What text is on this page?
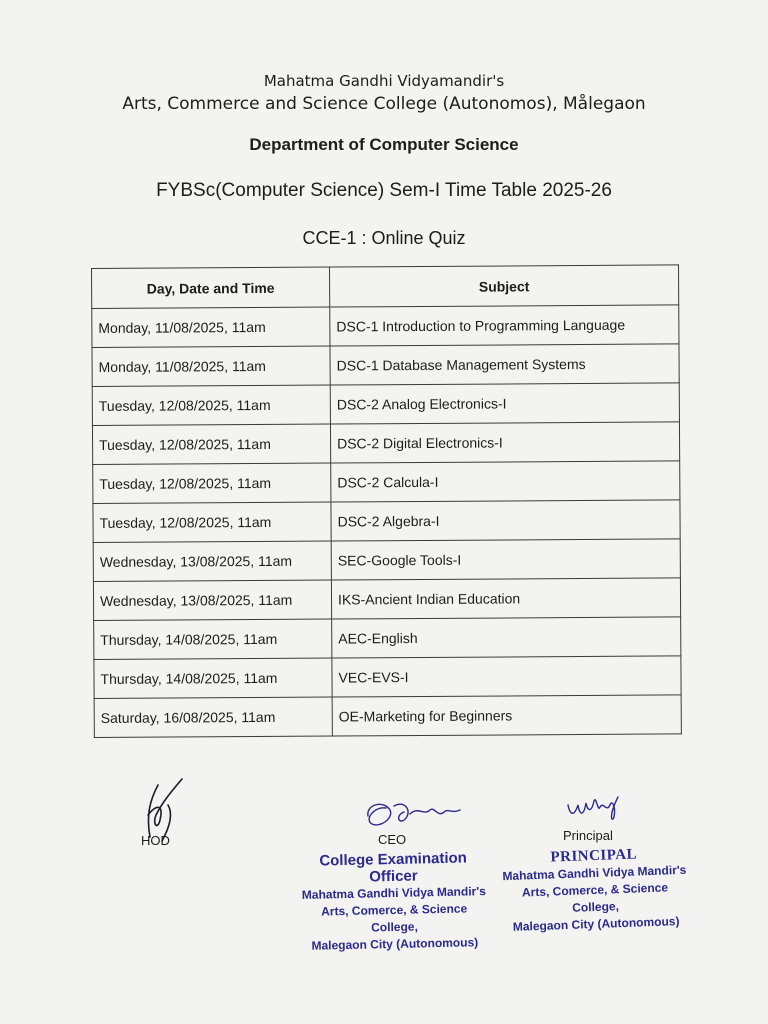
Mahatma Gandhi Vidyamandir's
Arts, Commerce and Science College (Autonomos), Målegaon
Department of Computer Science
FYBSc(Computer Science) Sem-I Time Table 2025-26
CCE-1 : Online Quiz
Day, Date and Time	Subject
Monday, 11/08/2025, 11am	DSC-1 Introduction to Programming Language
Monday, 11/08/2025, 11am	DSC-1 Database Management Systems
Tuesday, 12/08/2025, 11am	DSC-2 Analog Electronics-I
Tuesday, 12/08/2025, 11am	DSC-2 Digital Electronics-I
Tuesday, 12/08/2025, 11am	DSC-2 Calcula-I
Tuesday, 12/08/2025, 11am	DSC-2 Algebra-I
Wednesday, 13/08/2025, 11am	SEC-Google Tools-I
Wednesday, 13/08/2025, 11am	IKS-Ancient Indian Education
Thursday, 14/08/2025, 11am	AEC-English
Thursday, 14/08/2025, 11am	VEC-EVS-I
Saturday, 16/08/2025, 11am	OE-Marketing for Beginners
HOD	CEO	Principal
College Examination Officer
Mahatma Gandhi Vidya Mandir's
Arts, Comerce, & Science College,
Malegaon City (Autonomous)
PRINCIPAL
Mahatma Gandhi Vidya Mandir's
Arts, Comerce, & Science College,
Malegaon City (Autonomous)
